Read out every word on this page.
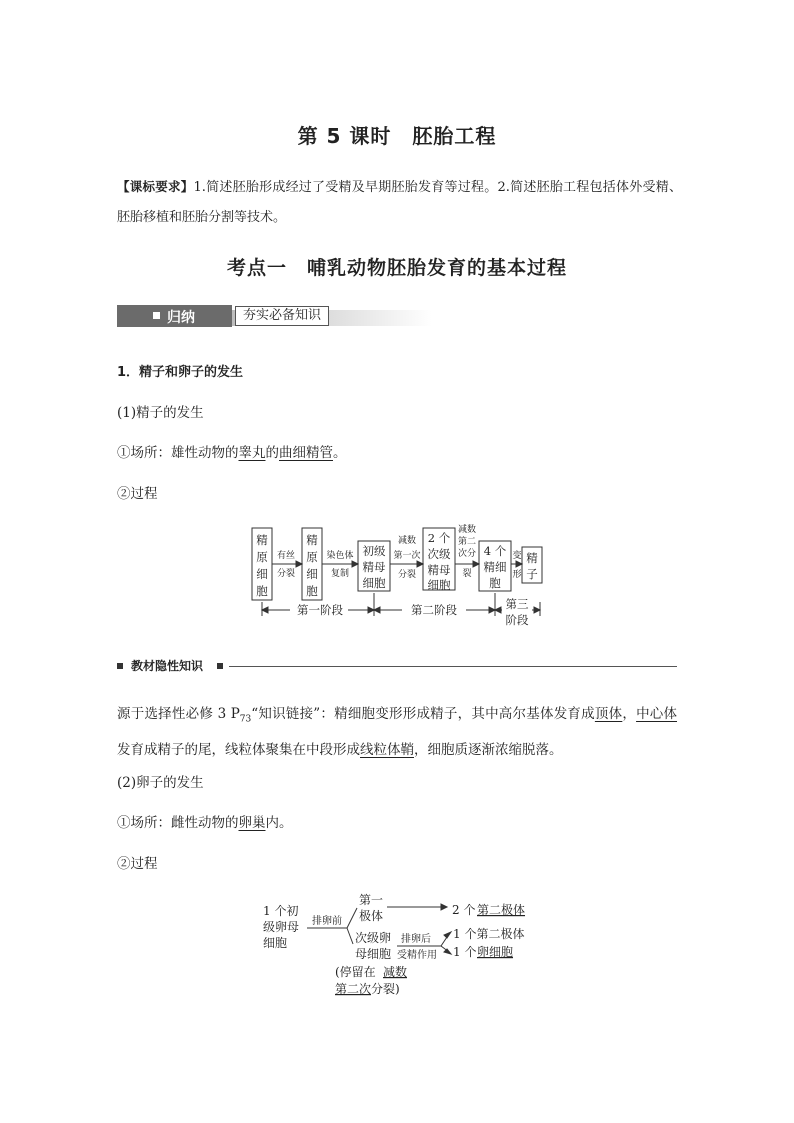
第 5 课时　胚胎工程
【课标要求】1.简述胚胎形成经过了受精及早期胚胎发育等过程。2.简述胚胎工程包括体外受精、胚胎移植和胚胎分割等技术。
考点一　哺乳动物胚胎发育的基本过程
归纳	夯实必备知识
1．精子和卵子的发生
(1)精子的发生
①场所：雄性动物的睾丸的曲细精管。
②过程
精
原
细
胞
精
原
细
胞
初级
精母
细胞
2 个
次级
精母
细胞
4 个
精细
胞
精
子
有丝
分裂
染色体
复制
减数
第一次
分裂
减数
第二
次分
裂
变
形
第一阶段	第二阶段	第三
阶段
教材隐性知识
源于选择性必修 3 $P_{73}“$知识链接”：精细胞变形形成精子，其中高尔基体发育成顶体，中心体发育成精子的尾，线粒体聚集在中段形成线粒体鞘，细胞质逐渐浓缩脱落。
(2)卵子的发生
①场所：雌性动物的卵巢内。
②过程
1 个初
级卵母
细胞
排卵前
第一
极体
次级卵
母细胞
排卵后
受精作用
2 个 第二极体
1 个第二极体
1 个 卵细胞
(停留在 减数
第二次 分裂)
